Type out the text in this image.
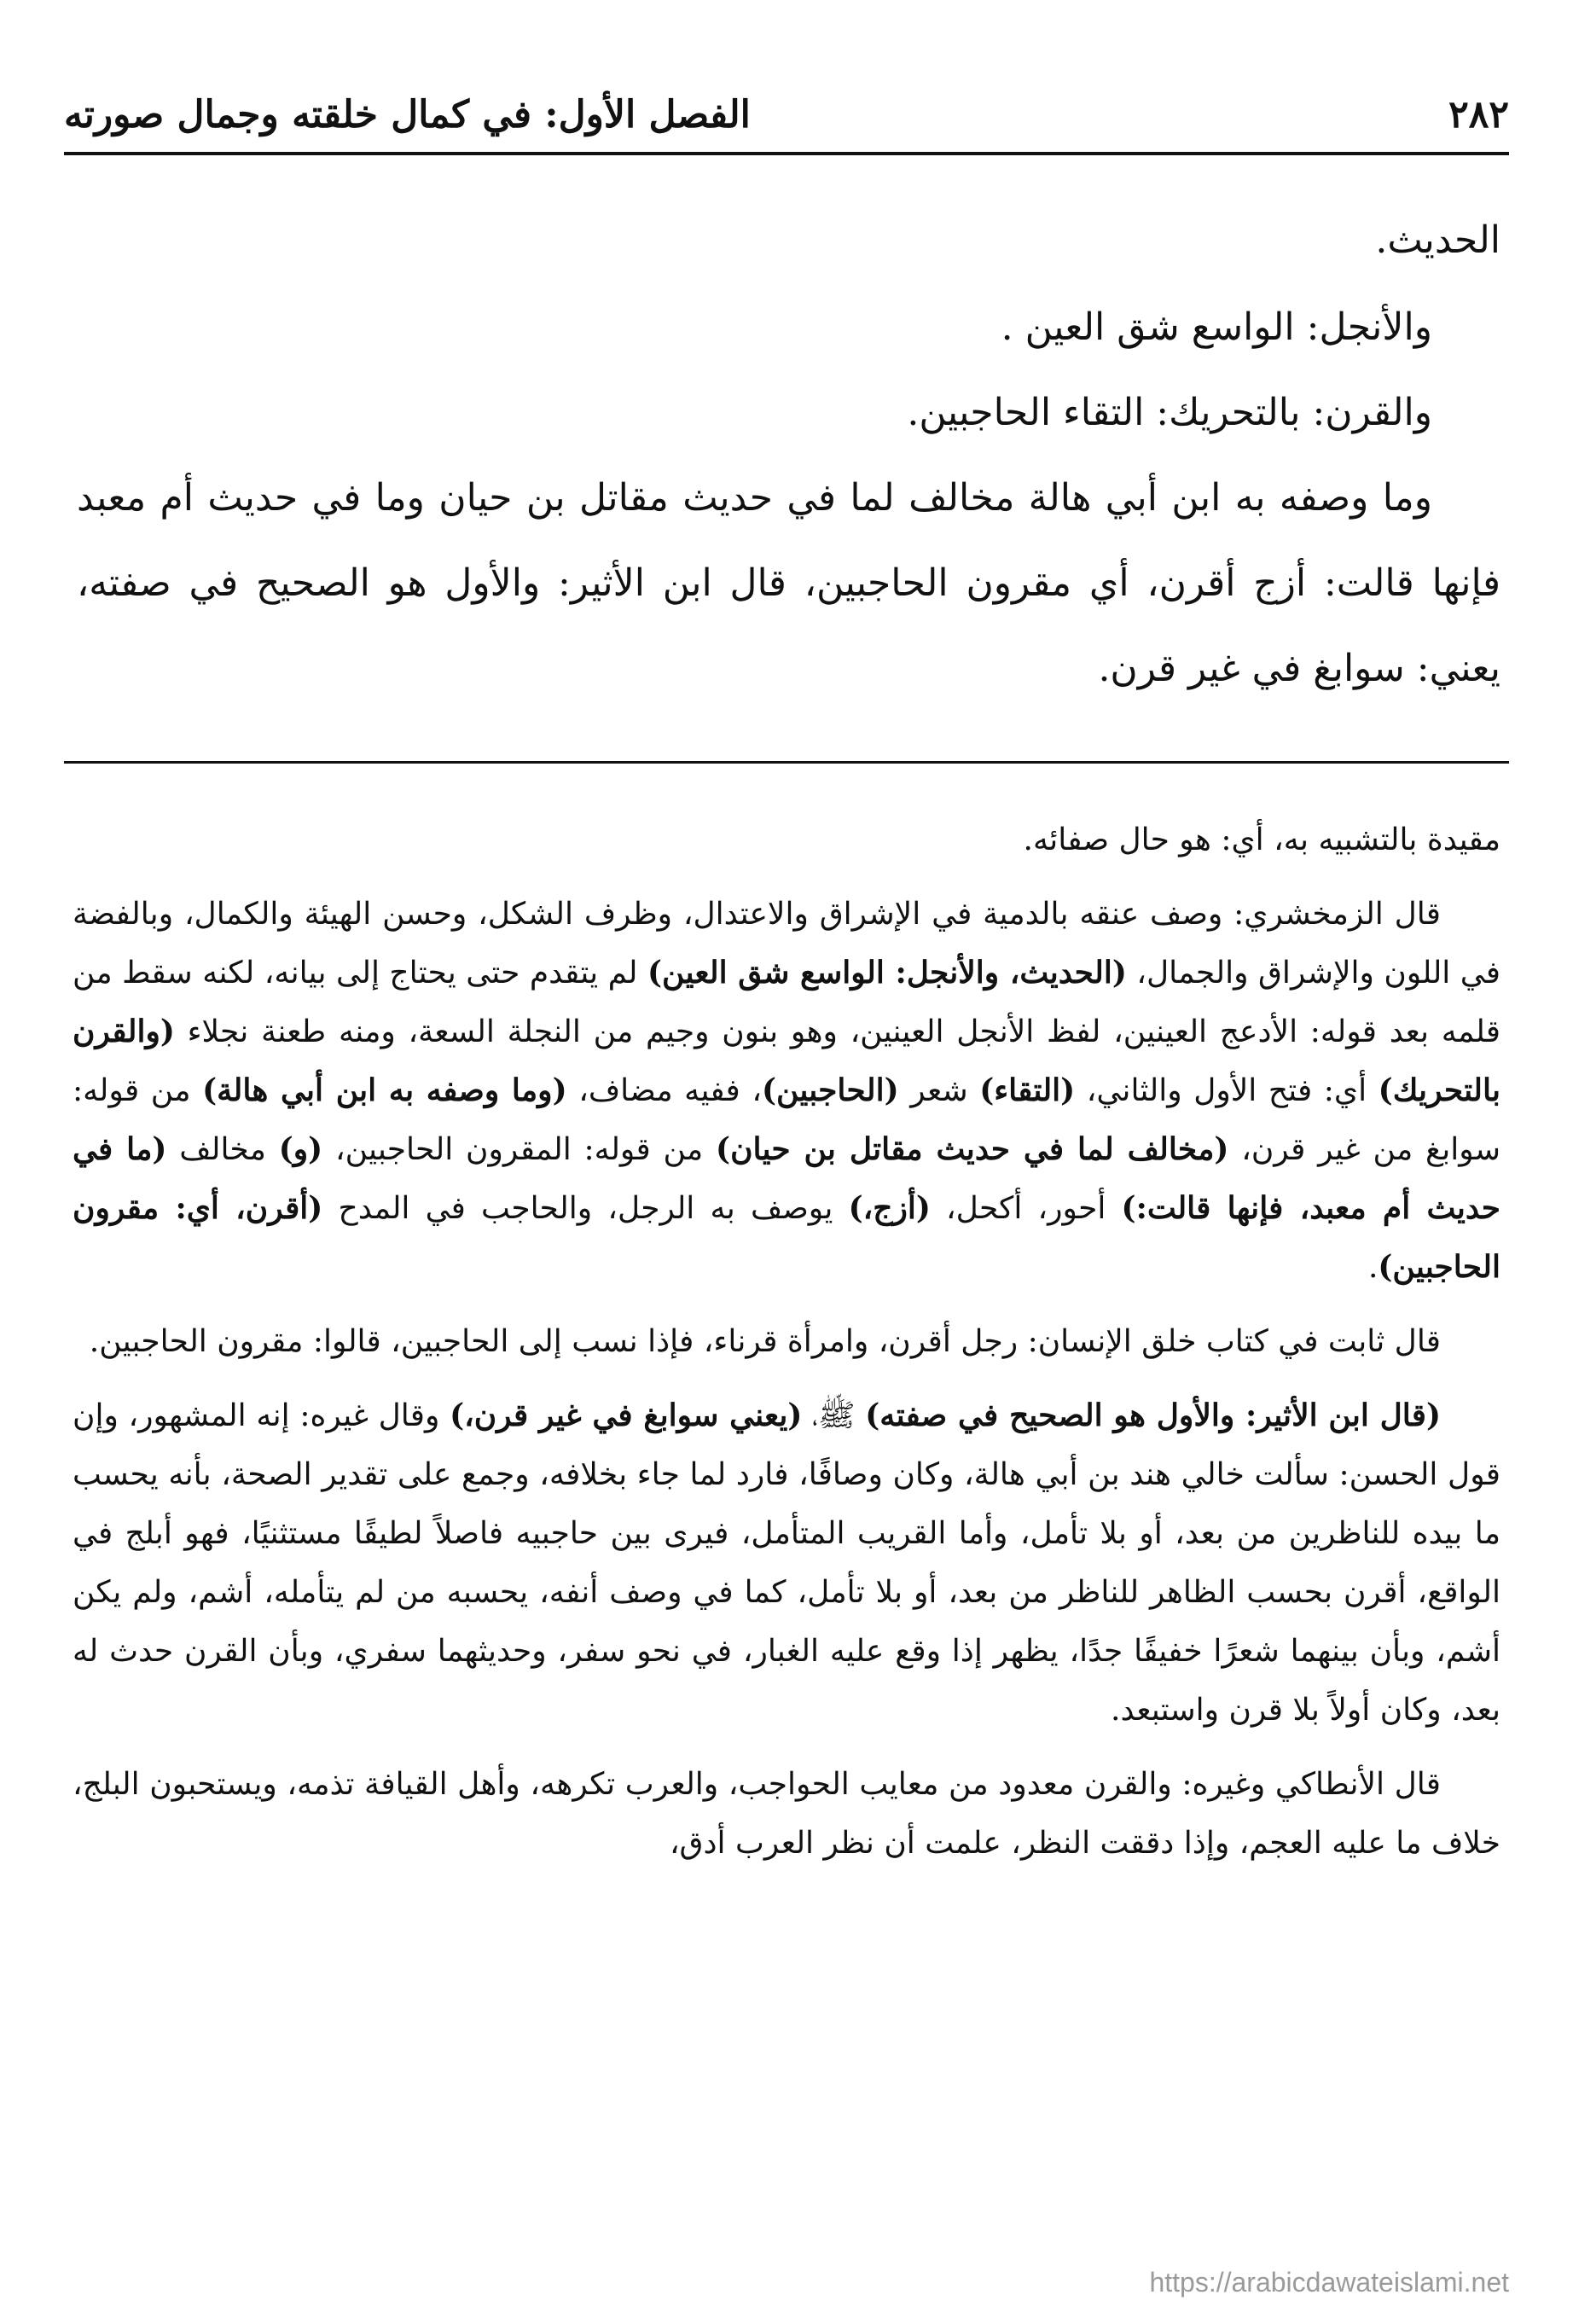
٢٨٢
الفصل الأول: في كمال خلقته وجمال صورته

الحديث.

والأنجل: الواسع شق العين .

والقرن: بالتحريك: التقاء الحاجبين.

وما وصفه به ابن أبي هالة مخالف لما في حديث مقاتل بن حيان وما في حديث أم معبد فإنها قالت: أزج أقرن، أي مقرون الحاجبين، قال ابن الأثير: والأول هو الصحيح في صفته، يعني: سوابغ في غير قرن.

مقيدة بالتشبيه به، أي: هو حال صفائه.

قال الزمخشري: وصف عنقه بالدمية في الإشراق والاعتدال، وظرف الشكل، وحسن الهيئة والكمال، وبالفضة في اللون والإشراق والجمال، (الحديث، والأنجل: الواسع شق العين) لم يتقدم حتى يحتاج إلى بيانه، لكنه سقط من قلمه بعد قوله: الأدعج العينين، لفظ الأنجل العينين، وهو بنون وجيم من النجلة السعة، ومنه طعنة نجلاء (والقرن بالتحريك) أي: فتح الأول والثاني، (التقاء) شعر (الحاجبين)، ففيه مضاف، (وما وصفه به ابن أبي هالة) من قوله: سوابغ من غير قرن، (مخالف لما في حديث مقاتل بن حيان) من قوله: المقرون الحاجبين، (و) مخالف (ما في حديث أم معبد، فإنها قالت:) أحور، أكحل، (أزج،) يوصف به الرجل، والحاجب في المدح (أقرن، أي: مقرون الحاجبين).

قال ثابت في كتاب خلق الإنسان: رجل أقرن، وامرأة قرناء، فإذا نسب إلى الحاجبين، قالوا: مقرون الحاجبين.

(قال ابن الأثير: والأول هو الصحيح في صفته) ﷺ، (يعني سوابغ في غير قرن،) وقال غيره: إنه المشهور، وإن قول الحسن: سألت خالي هند بن أبي هالة، وكان وصافًا، فارد لما جاء بخلافه، وجمع على تقدير الصحة، بأنه يحسب ما بيده للناظرين من بعد، أو بلا تأمل، وأما القريب المتأمل، فيرى بين حاجبيه فاصلاً لطيفًا مستثنيًا، فهو أبلج في الواقع، أقرن بحسب الظاهر للناظر من بعد، أو بلا تأمل، كما في وصف أنفه، يحسبه من لم يتأمله، أشم، ولم يكن أشم، وبأن بينهما شعرًا خفيفًا جدًا، يظهر إذا وقع عليه الغبار، في نحو سفر، وحديثهما سفري، وبأن القرن حدث له بعد، وكان أولاً بلا قرن واستبعد.

قال الأنطاكي وغيره: والقرن معدود من معايب الحواجب، والعرب تكرهه، وأهل القيافة تذمه، ويستحبون البلج، خلاف ما عليه العجم، وإذا دققت النظر، علمت أن نظر العرب أدق،

https://arabicdawateislami.net
